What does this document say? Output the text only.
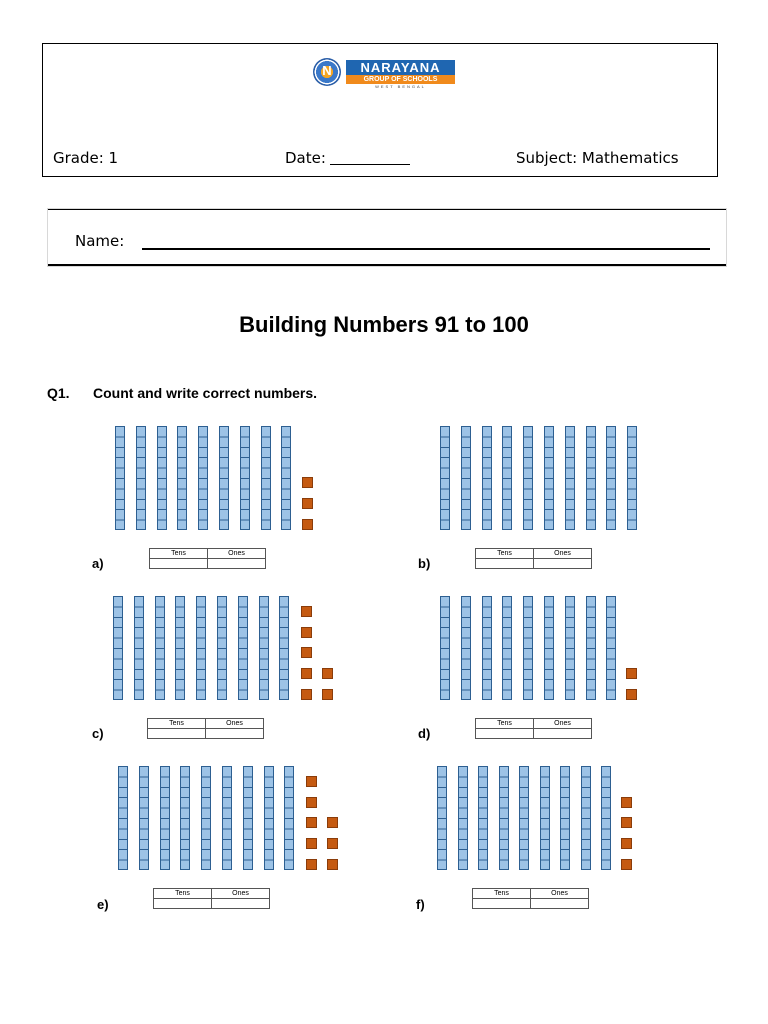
N	NARAYANA
GROUP OF SCHOOLS
WEST BENGAL
Grade: 1	Date:	Subject: Mathematics
Name:
Building Numbers 91 to 100
Q1. Count and write correct numbers.
a)
Tens	Ones

b)
Tens	Ones

c)
Tens	Ones

d)
Tens	Ones

e)
Tens	Ones

f)
Tens	Ones
